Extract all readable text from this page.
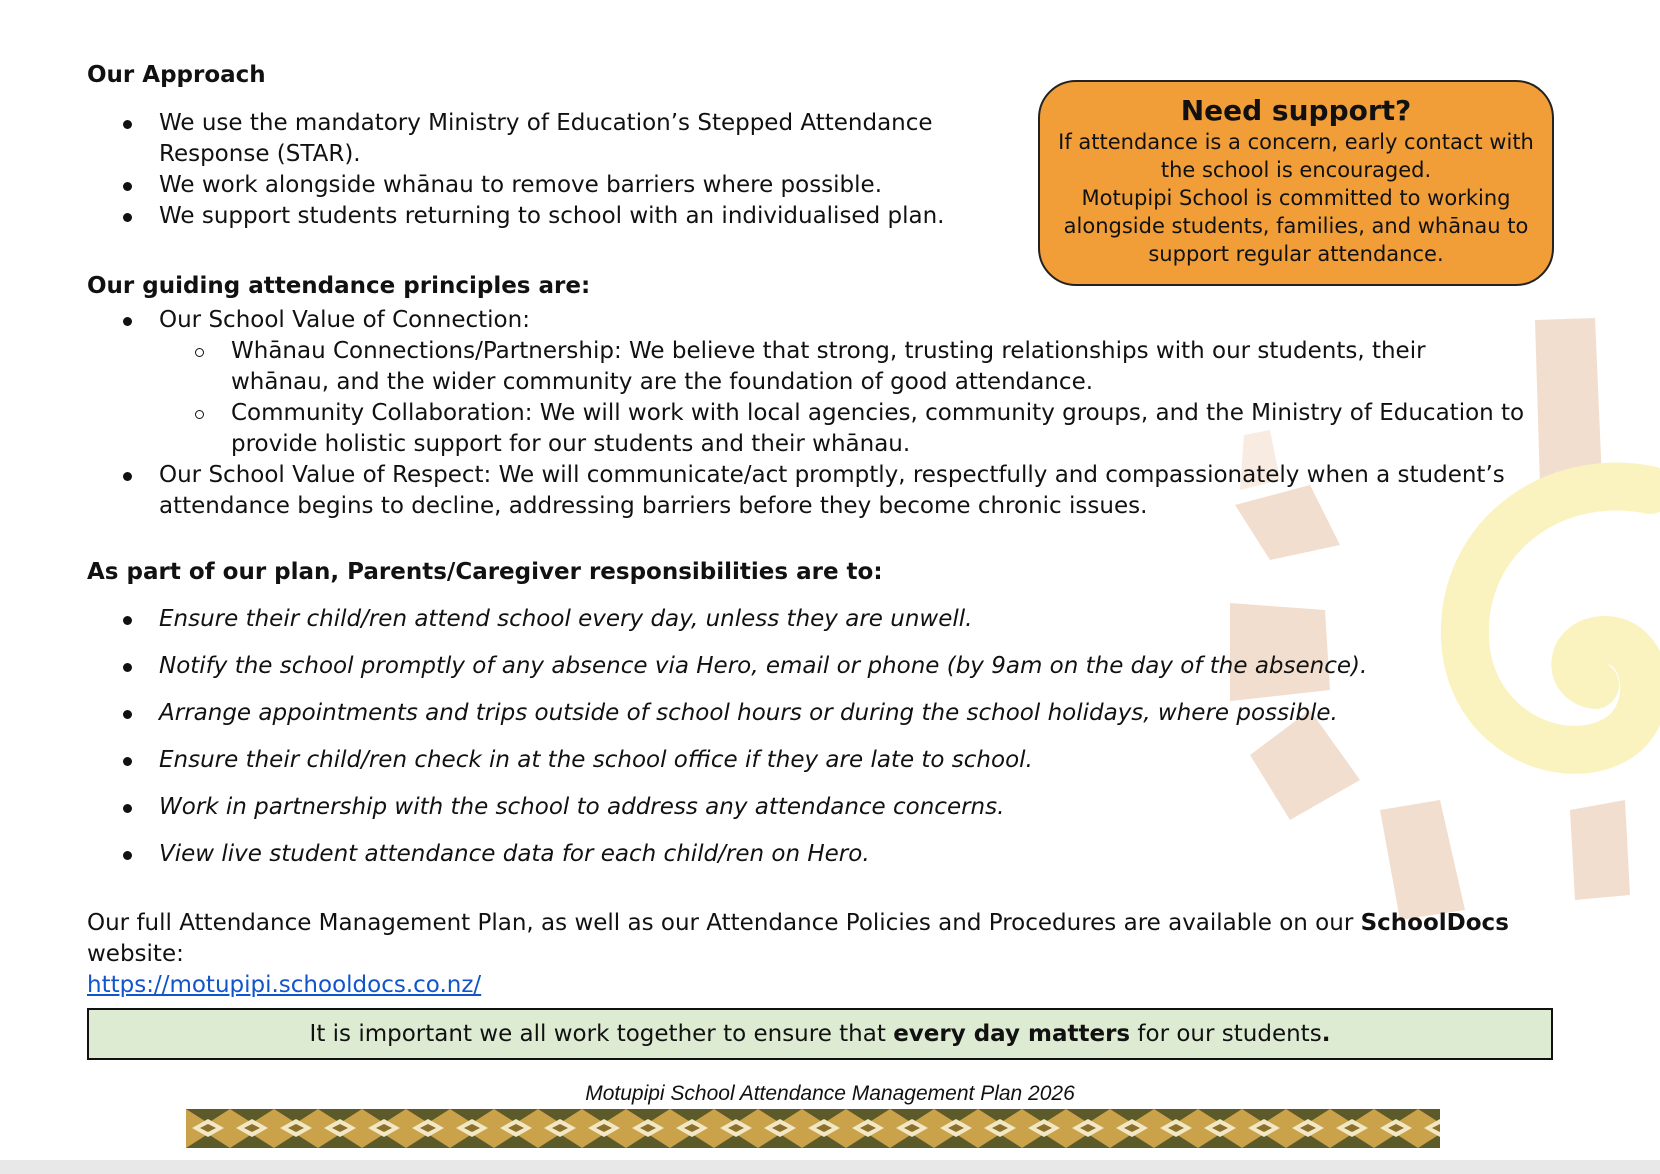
Our Approach
We use the mandatory Ministry of Education’s Stepped Attendance Response (STAR).
We work alongside whānau to remove barriers where possible.
We support students returning to school with an individualised plan.
Need support?
If attendance is a concern, early contact with
the school is encouraged.
Motupipi School is committed to working
alongside students, families, and whānau to
support regular attendance.
Our guiding attendance principles are:
Our School Value of Connection:
Whānau Connections/Partnership: We believe that strong, trusting relationships with our students, their whānau, and the wider community are the foundation of good attendance.
Community Collaboration: We will work with local agencies, community groups, and the Ministry of Education to provide holistic support for our students and their whānau.
Our School Value of Respect: We will communicate/act promptly, respectfully and compassionately when a student’s attendance begins to decline, addressing barriers before they become chronic issues.
As part of our plan, Parents/Caregiver responsibilities are to:
Ensure their child/ren attend school every day, unless they are unwell.
Notify the school promptly of any absence via Hero, email or phone (by 9am on the day of the absence).
Arrange appointments and trips outside of school hours or during the school holidays, where possible.
Ensure their child/ren check in at the school office if they are late to school.
Work in partnership with the school to address any attendance concerns.
View live student attendance data for each child/ren on Hero.
Our full Attendance Management Plan, as well as our Attendance Policies and Procedures are available on our SchoolDocs website:
https://motupipi.schooldocs.co.nz/
It is important we all work together to ensure that every day matters for our students.
Motupipi School Attendance Management Plan 2026
